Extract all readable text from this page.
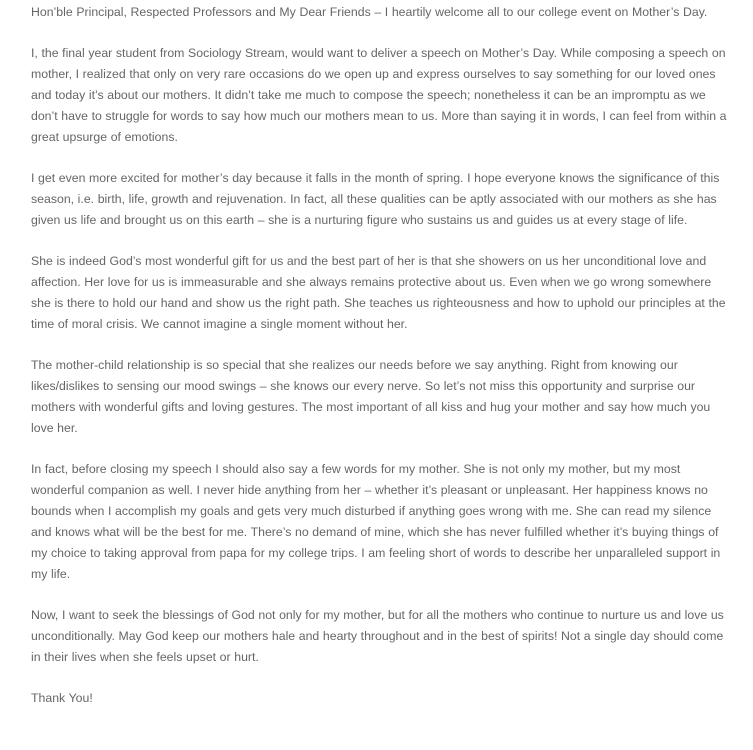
Hon’ble Principal, Respected Professors and My Dear Friends – I heartily welcome all to our college event on Mother’s Day.

I, the final year student from Sociology Stream, would want to deliver a speech on Mother’s Day. While composing a speech on mother, I realized that only on very rare occasions do we open up and express ourselves to say something for our loved ones and today it’s about our mothers. It didn’t take me much to compose the speech; nonetheless it can be an impromptu as we don’t have to struggle for words to say how much our mothers mean to us. More than saying it in words, I can feel from within a great upsurge of emotions.

I get even more excited for mother’s day because it falls in the month of spring. I hope everyone knows the significance of this season, i.e. birth, life, growth and rejuvenation. In fact, all these qualities can be aptly associated with our mothers as she has given us life and brought us on this earth – she is a nurturing figure who sustains us and guides us at every stage of life.

She is indeed God’s most wonderful gift for us and the best part of her is that she showers on us her unconditional love and affection. Her love for us is immeasurable and she always remains protective about us. Even when we go wrong somewhere she is there to hold our hand and show us the right path. She teaches us righteousness and how to uphold our principles at the time of moral crisis. We cannot imagine a single moment without her.

The mother-child relationship is so special that she realizes our needs before we say anything. Right from knowing our likes/dislikes to sensing our mood swings – she knows our every nerve. So let’s not miss this opportunity and surprise our mothers with wonderful gifts and loving gestures. The most important of all kiss and hug your mother and say how much you love her.

In fact, before closing my speech I should also say a few words for my mother. She is not only my mother, but my most wonderful companion as well. I never hide anything from her – whether it’s pleasant or unpleasant. Her happiness knows no bounds when I accomplish my goals and gets very much disturbed if anything goes wrong with me. She can read my silence and knows what will be the best for me. There’s no demand of mine, which she has never fulfilled whether it’s buying things of my choice to taking approval from papa for my college trips. I am feeling short of words to describe her unparalleled support in my life.

Now, I want to seek the blessings of God not only for my mother, but for all the mothers who continue to nurture us and love us unconditionally. May God keep our mothers hale and hearty throughout and in the best of spirits! Not a single day should come in their lives when she feels upset or hurt.

Thank You!
